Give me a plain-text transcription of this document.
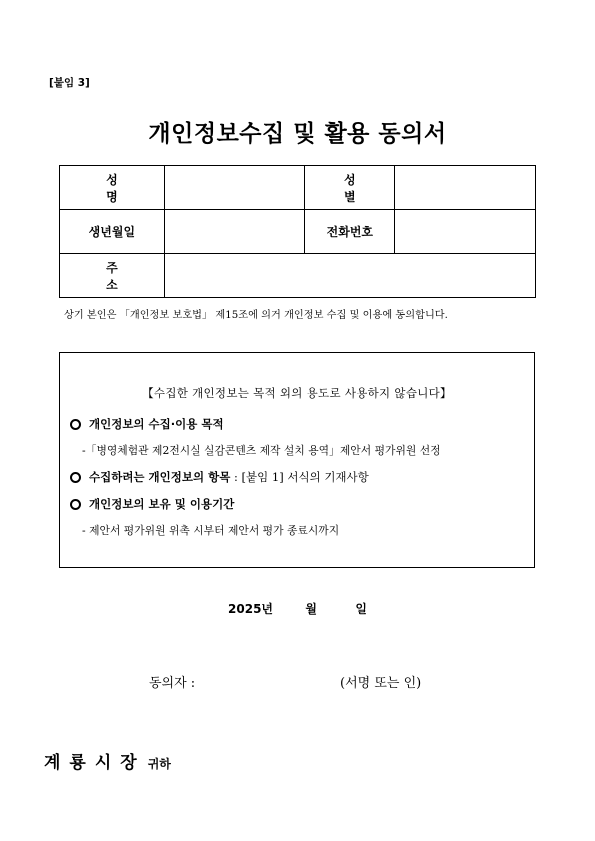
[붙임 3]
개인정보수집 및 활용 동의서
성 명		성 별	
생년월일		전화번호	
주 소			
상기 본인은 「개인정보 보호법」 제15조에 의거 개인정보 수집 및 이용에 동의합니다.
【수집한 개인정보는 목적 외의 용도로 사용하지 않습니다】
개인정보의 수집·이용 목적
-「병영체험관 제2전시실 실감콘텐츠 제작 설치 용역」제안서 평가위원 선정
수집하려는 개인정보의 항목 : [붙임 1] 서식의 기재사항
개인정보의 보유 및 이용기간
- 제안서 평가위원 위촉 시부터 제안서 평가 종료시까지
2025년	월	일
동의자 :	(서명 또는 인)
계룡시장 귀하
